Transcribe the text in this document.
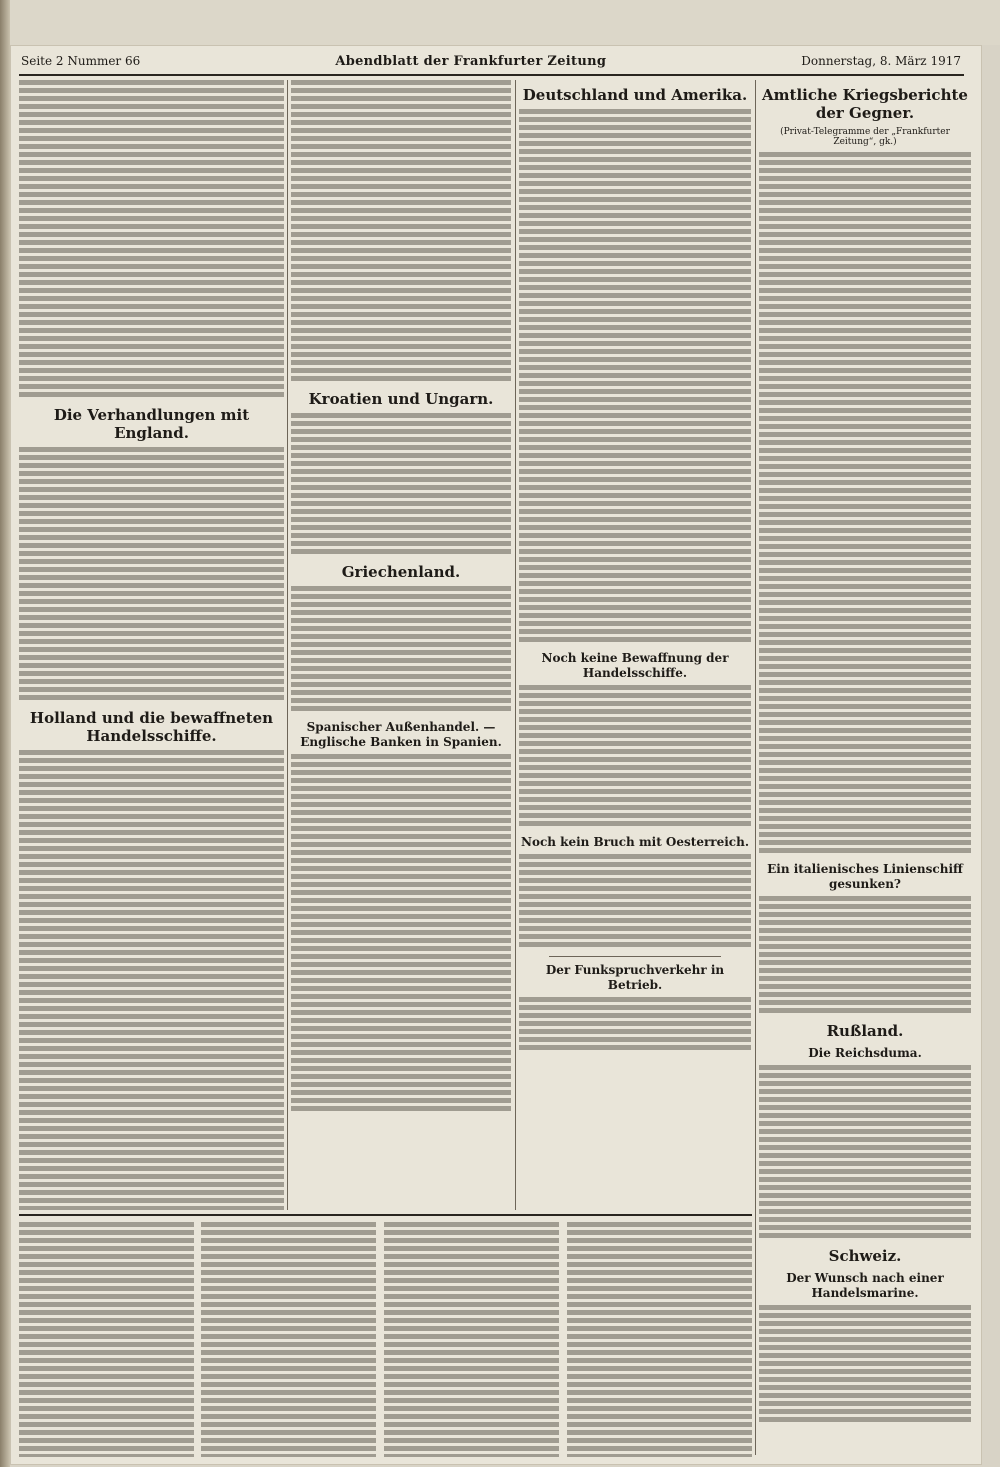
Seite 2 Nummer 66	Abendblatt der Frankfurter Zeitung	Donnerstag, 8. März 1917
Die Verhandlungen mit England.
Holland und die bewaffneten Handelsschiffe.
Kroatien und Ungarn.
Griechenland.
Spanischer Außenhandel. — Englische Banken in Spanien.
Deutschland und Amerika.
Noch keine Bewaffnung der Handelsschiffe.
Noch kein Bruch mit Oesterreich.
Der Funkspruchverkehr in Betrieb.
Amtliche Kriegsberichte der Gegner.
(Privat-Telegramme der „Frankfurter Zeitung“, gk.)
Ein italienisches Linienschiff gesunken?
Rußland.
Die Reichsduma.
Schweiz.
Der Wunsch nach einer Handelsmarine.
